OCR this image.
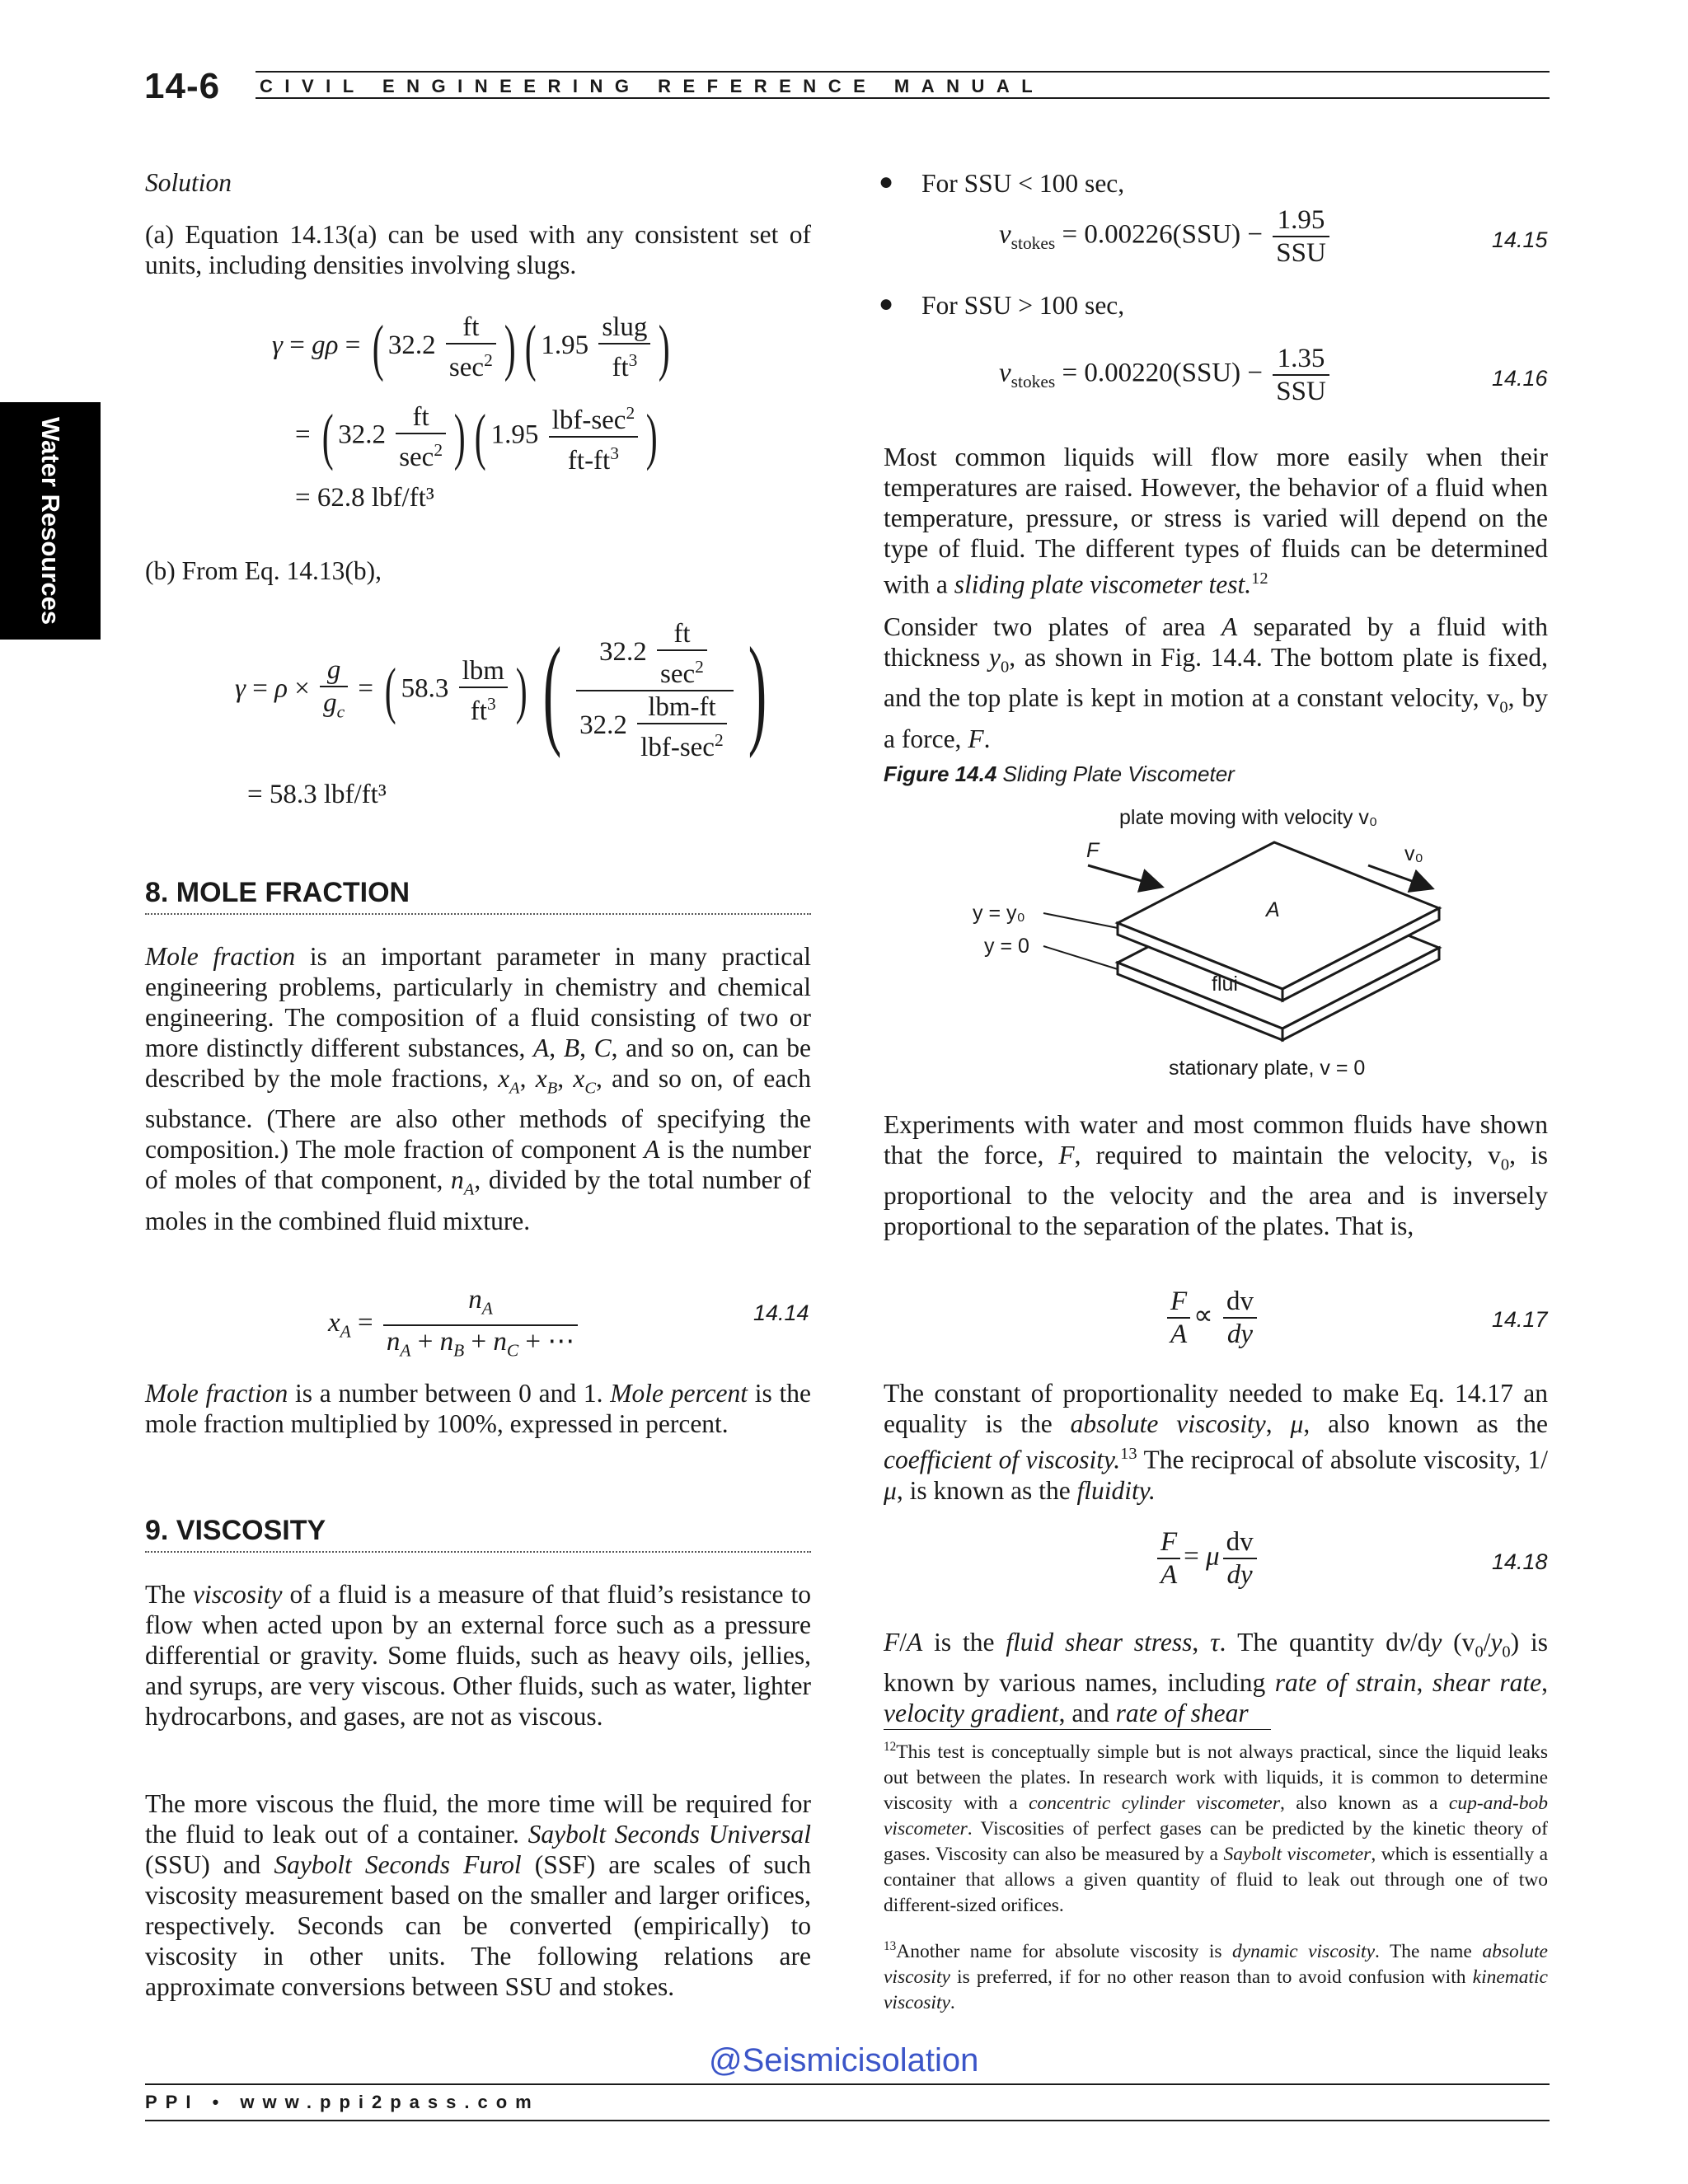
14-6 CIVIL ENGINEERING REFERENCE MANUAL
Water Resources
Solution
(a) Equation 14.13(a) can be used with any consistent set of units, including densities involving slugs.
γ = gρ = ( $32.2 \frac{ft}{\sec^2}$ ) ( $1.95 \frac{\text{slug}}{ft^3}$ )
= ( $32.2 \frac{ft}{\sec^2}$ ) ( $1.95 \frac{lbf-\sec^2}{ft-ft^3}$ )
= 62.8 lbf/ft³
(b) From Eq. 14.13(b),
$\gamma = \rho \times \frac{g}{g_c}$ = ( $58.3 \frac{\text{lbm}}{ft^3}$ ) ( $\frac{32.2 \frac{ft}{\sec^2}}{32.2 \frac{\text{lbm-ft}}{lbf-\sec^2}}$ )
= 58.3 lbf/ft³
8. MOLE FRACTION
Mole fraction is an important parameter in many practical engineering problems, particularly in chemistry and chemical engineering. The composition of a fluid consisting of two or more distinctly different substances, A, B, C, and so on, can be described by the mole fractions, $x_A$, $x_B$, $x_C$, and so on, of each substance. (There are also other methods of specifying the composition.) The mole fraction of component A is the number of moles of that component, $n_A$, divided by the total number of moles in the combined fluid mixture.
$x_A = \frac{n_A}{n_A + n_B + n_C + \cdots}$	14.14
Mole fraction is a number between 0 and 1. Mole percent is the mole fraction multiplied by 100%, expressed in percent.
9. VISCOSITY
The viscosity of a fluid is a measure of that fluid’s resistance to flow when acted upon by an external force such as a pressure differential or gravity. Some fluids, such as heavy oils, jellies, and syrups, are very viscous. Other fluids, such as water, lighter hydrocarbons, and gases, are not as viscous.
The more viscous the fluid, the more time will be required for the fluid to leak out of a container. Saybolt Seconds Universal (SSU) and Saybolt Seconds Furol (SSF) are scales of such viscosity measurement based on the smaller and larger orifices, respectively. Seconds can be converted (empirically) to viscosity in other units. The following relations are approximate conversions between SSU and stokes.
● For SSU < 100 sec,
$\nu_{stokes} = 0.00226(SSU) - \frac{1.95}{\text{SSU}}$	14.15
● For SSU > 100 sec,
$\nu_{stokes} = 0.00220(SSU) - \frac{1.35}{\text{SSU}}$	14.16
Most common liquids will flow more easily when their temperatures are raised. However, the behavior of a fluid when temperature, pressure, or stress is varied will depend on the type of fluid. The different types of fluids can be determined with a sliding plate viscometer test.$^{12}$
Consider two plates of area A separated by a fluid with thickness $y_0$, as shown in Fig. 14.4. The bottom plate is fixed, and the top plate is kept in motion at a constant velocity, $v_0$, by a force, F.
Figure 14.4 Sliding Plate Viscometer
plate moving with velocity v₀
F	v₀
y = y₀
y = 0
A
flui
stationary plate, v = 0
Experiments with water and most common fluids have shown that the force, F, required to maintain the velocity, $v_0$, is proportional to the velocity and the area and is inversely proportional to the separation of the plates. That is,
$\frac{F}{A} \propto \frac{dv}{dy}$	14.17
The constant of proportionality needed to make Eq. 14.17 an equality is the absolute viscosity, μ, also known as the coefficient of viscosity.$^{13}$ The reciprocal of absolute viscosity, 1/μ, is known as the fluidity.
$\frac{F}{A} = \mu \frac{dv}{dy}$	14.18
F/A is the fluid shear stress, τ. The quantity dv/dy $(v_0/y_0)$ is known by various names, including rate of strain, shear rate, velocity gradient, and rate of shear
$^{12}$This test is conceptually simple but is not always practical, since the liquid leaks out between the plates. In research work with liquids, it is common to determine viscosity with a concentric cylinder viscometer, also known as a cup-and-bob viscometer. Viscosities of perfect gases can be predicted by the kinetic theory of gases. Viscosity can also be measured by a Saybolt viscometer, which is essentially a container that allows a given quantity of fluid to leak out through one of two different-sized orifices.
$^{13}$Another name for absolute viscosity is dynamic viscosity. The name absolute viscosity is preferred, if for no other reason than to avoid confusion with kinematic viscosity.
@Seismicisolation
PPI • www.ppi2pass.com
